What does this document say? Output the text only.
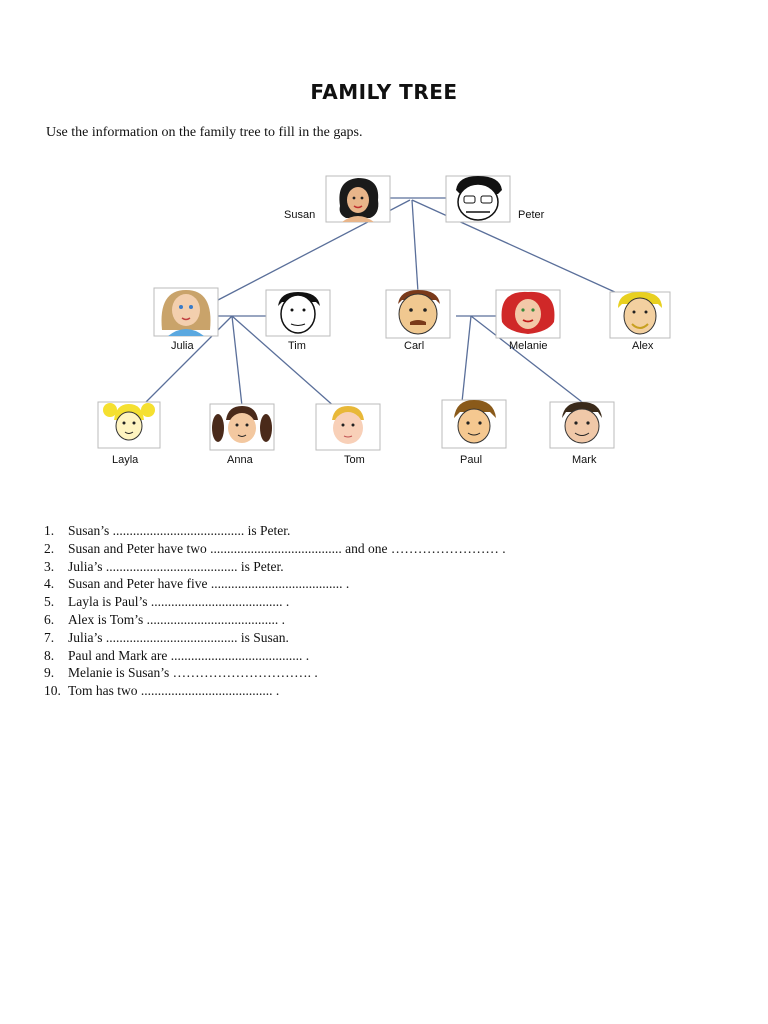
FAMILY TREE
Use the information on the family tree to fill in the gaps.
Susan	Peter
Julia	Tim	Carl	Melanie	Alex
Layla	Anna	Tom	Paul	Mark
1. Susan’s ....................................... is Peter.
2. Susan and Peter have two ....................................... and one …………………… .
3. Julia’s ....................................... is Peter.
4. Susan and Peter have five ....................................... .
5. Layla is Paul’s ....................................... .
6. Alex is Tom’s ....................................... .
7. Julia’s ....................................... is Susan.
8. Paul and Mark are ....................................... .
9. Melanie is Susan’s …………………………. .
10. Tom has two ....................................... .
